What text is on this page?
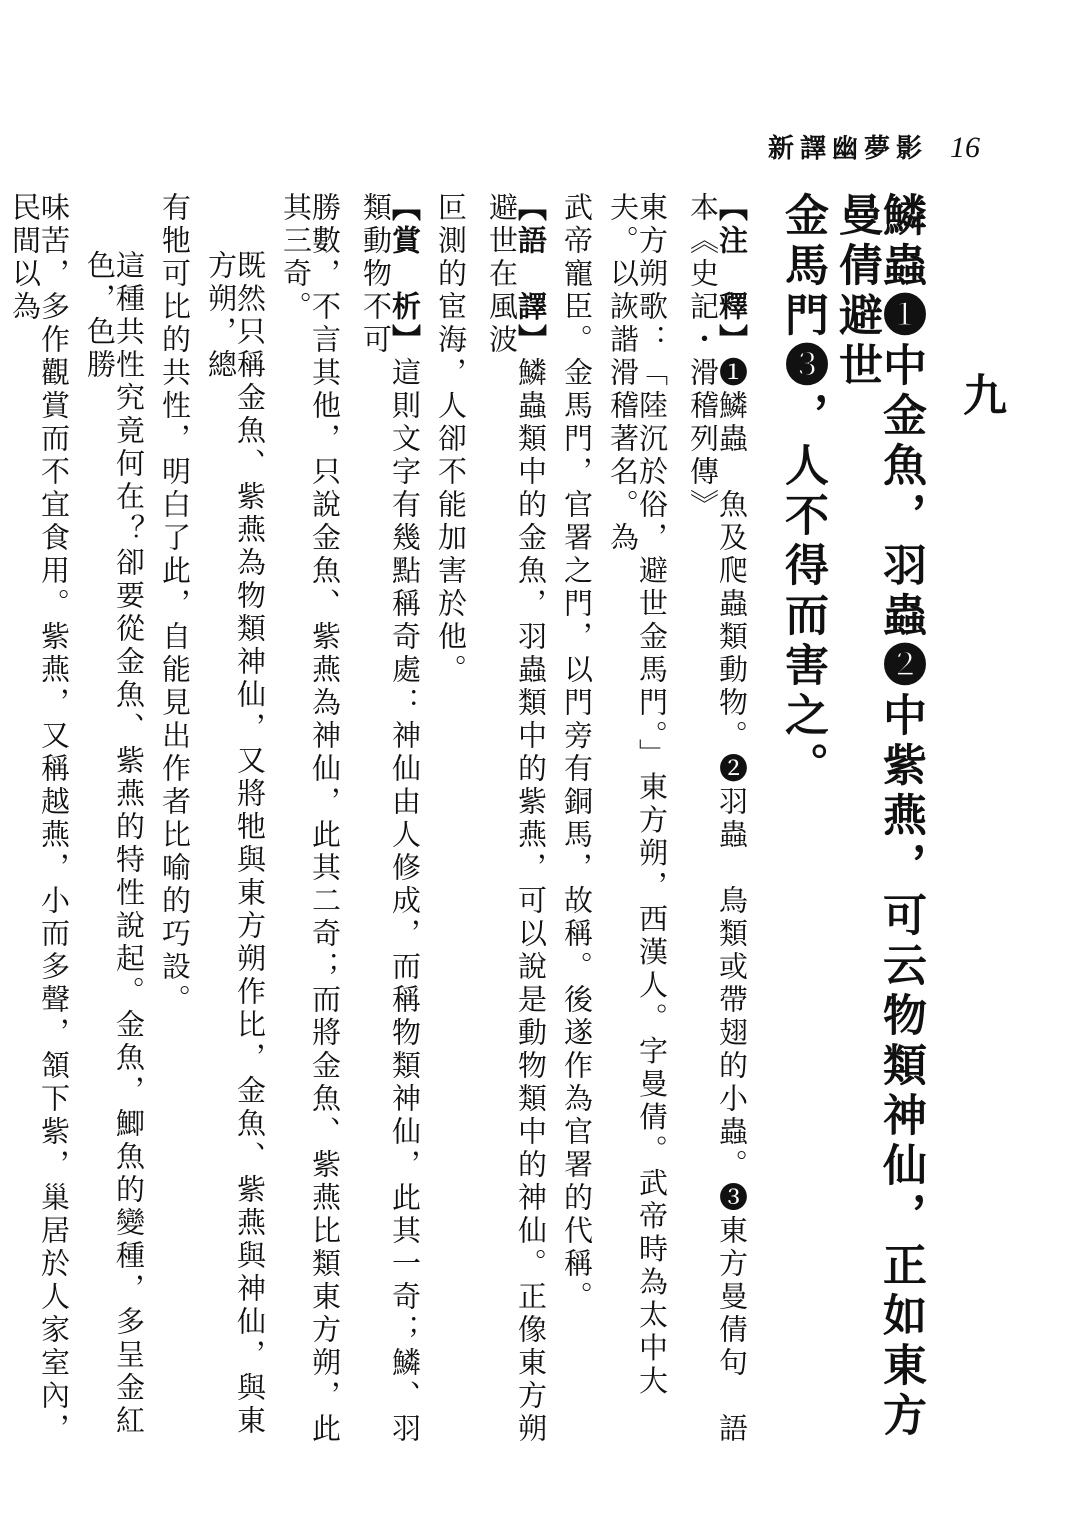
新譯幽夢影 16
九
鱗蟲❶中金魚，羽蟲❷中紫燕，可云物類神仙，正如東方曼倩避世
金馬門❸，人不得而害之。
【注　釋】❶鱗蟲　魚及爬蟲類動物。❷羽蟲　鳥類或帶翅的小蟲。❸東方曼倩句　語本《史記・滑稽列傳》
東方朔歌：「陸沉於俗，避世金馬門。」東方朔，西漢人。字曼倩。武帝時為太中大夫。以詼諧滑稽著名。為
武帝寵臣。金馬門，官署之門，以門旁有銅馬，故稱。後遂作為官署的代稱。
【語　譯】鱗蟲類中的金魚，羽蟲類中的紫燕，可以說是動物類中的神仙。正像東方朔避世在風波
叵測的宦海，人卻不能加害於他。
【賞　析】這則文字有幾點稱奇處：神仙由人修成，而稱物類神仙，此其一奇；鱗、羽類動物不可
勝數，不言其他，只說金魚、紫燕為神仙，此其二奇；而將金魚、紫燕比類東方朔，此其三奇。
既然只稱金魚、紫燕為物類神仙，又將牠與東方朔作比，金魚、紫燕與神仙，與東方朔，總
有牠可比的共性，明白了此，自能見出作者比喻的巧設。
這種共性究竟何在？卻要從金魚、紫燕的特性說起。金魚，鯽魚的變種，多呈金紅色，色勝
味苦，多作觀賞而不宜食用。紫燕，又稱越燕，小而多聲，頷下紫，巢居於人家室內，民間以為
